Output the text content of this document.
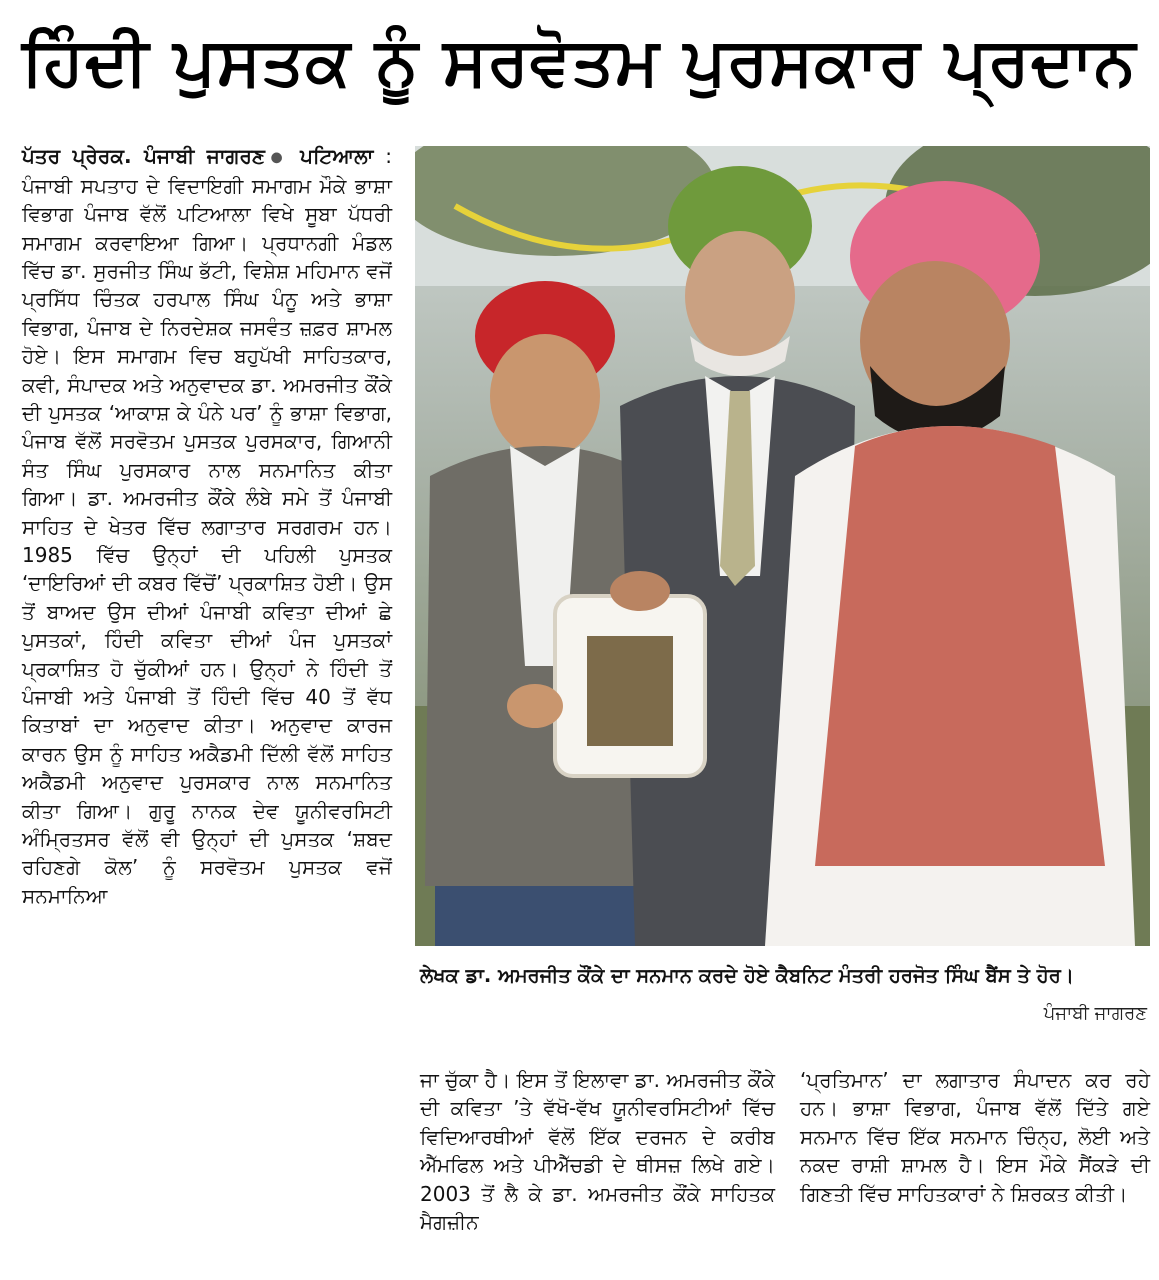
ਹਿੰਦੀ ਪੁਸਤਕ ਨੂੰ ਸਰਵੋਤਮ ਪੁਰਸਕਾਰ ਪ੍ਰਦਾਨ
ਪੱਤਰ ਪ੍ਰੇਰਕ. ਪੰਜਾਬੀ ਜਾਗਰਣ● ਪਟਿਆਲਾ : ਪੰਜਾਬੀ ਸਪਤਾਹ ਦੇ ਵਿਦਾਇਗੀ ਸਮਾਗਮ ਮੌਕੇ ਭਾਸ਼ਾ ਵਿਭਾਗ ਪੰਜਾਬ ਵੱਲੋਂ ਪਟਿਆਲਾ ਵਿਖੇ ਸੂਬਾ ਪੱਧਰੀ ਸਮਾਗਮ ਕਰਵਾਇਆ ਗਿਆ। ਪ੍ਰਧਾਨਗੀ ਮੰਡਲ ਵਿੱਚ ਡਾ. ਸੁਰਜੀਤ ਸਿੰਘ ਭੱਟੀ, ਵਿਸ਼ੇਸ਼ ਮਹਿਮਾਨ ਵਜੋਂ ਪ੍ਰਸਿੱਧ ਚਿੰਤਕ ਹਰਪਾਲ ਸਿੰਘ ਪੰਨੂ ਅਤੇ ਭਾਸ਼ਾ ਵਿਭਾਗ, ਪੰਜਾਬ ਦੇ ਨਿਰਦੇਸ਼ਕ ਜਸਵੰਤ ਜ਼ਫ਼ਰ ਸ਼ਾਮਲ ਹੋਏ। ਇਸ ਸਮਾਗਮ ਵਿਚ ਬਹੁਪੱਖੀ ਸਾਹਿਤਕਾਰ, ਕਵੀ, ਸੰਪਾਦਕ ਅਤੇ ਅਨੁਵਾਦਕ ਡਾ. ਅਮਰਜੀਤ ਕੌਂਕੇ ਦੀ ਪੁਸਤਕ ‘ਆਕਾਸ਼ ਕੇ ਪੰਨੇ ਪਰ’ ਨੂੰ ਭਾਸ਼ਾ ਵਿਭਾਗ, ਪੰਜਾਬ ਵੱਲੋਂ ਸਰਵੋਤਮ ਪੁਸਤਕ ਪੁਰਸਕਾਰ, ਗਿਆਨੀ ਸੰਤ ਸਿੰਘ ਪੁਰਸਕਾਰ ਨਾਲ ਸਨਮਾਨਿਤ ਕੀਤਾ ਗਿਆ। ਡਾ. ਅਮਰਜੀਤ ਕੌਂਕੇ ਲੰਬੇ ਸਮੇ ਤੋਂ ਪੰਜਾਬੀ ਸਾਹਿਤ ਦੇ ਖੇਤਰ ਵਿੱਚ ਲਗਾਤਾਰ ਸਰਗਰਮ ਹਨ। 1985 ਵਿੱਚ ਉਨ੍ਹਾਂ ਦੀ ਪਹਿਲੀ ਪੁਸਤਕ ‘ਦਾਇਰਿਆਂ ਦੀ ਕਬਰ ਵਿੱਚੋਂ’ ਪ੍ਰਕਾਸ਼ਿਤ ਹੋਈ। ਉਸ ਤੋਂ ਬਾਅਦ ਉਸ ਦੀਆਂ ਪੰਜਾਬੀ ਕਵਿਤਾ ਦੀਆਂ ਛੇ ਪੁਸਤਕਾਂ, ਹਿੰਦੀ ਕਵਿਤਾ ਦੀਆਂ ਪੰਜ ਪੁਸਤਕਾਂ ਪ੍ਰਕਾਸ਼ਿਤ ਹੋ ਚੁੱਕੀਆਂ ਹਨ। ਉਨ੍ਹਾਂ ਨੇ ਹਿੰਦੀ ਤੋਂ ਪੰਜਾਬੀ ਅਤੇ ਪੰਜਾਬੀ ਤੋਂ ਹਿੰਦੀ ਵਿੱਚ 40 ਤੋਂ ਵੱਧ ਕਿਤਾਬਾਂ ਦਾ ਅਨੁਵਾਦ ਕੀਤਾ। ਅਨੁਵਾਦ ਕਾਰਜ ਕਾਰਨ ਉਸ ਨੂੰ ਸਾਹਿਤ ਅਕੈਡਮੀ ਦਿੱਲੀ ਵੱਲੋਂ ਸਾਹਿਤ ਅਕੈਡਮੀ ਅਨੁਵਾਦ ਪੁਰਸਕਾਰ ਨਾਲ ਸਨਮਾਨਿਤ ਕੀਤਾ ਗਿਆ। ਗੁਰੂ ਨਾਨਕ ਦੇਵ ਯੂਨੀਵਰਸਿਟੀ ਅੰਮ੍ਰਿਤਸਰ ਵੱਲੋਂ ਵੀ ਉਨ੍ਹਾਂ ਦੀ ਪੁਸਤਕ ‘ਸ਼ਬਦ ਰਹਿਣਗੇ ਕੋਲ’ ਨੂੰ ਸਰਵੋਤਮ ਪੁਸਤਕ ਵਜੋਂ ਸਨਮਾਨਿਆ
ਲੇਖਕ ਡਾ. ਅਮਰਜੀਤ ਕੌਂਕੇ ਦਾ ਸਨਮਾਨ ਕਰਦੇ ਹੋਏ ਕੈਬਨਿਟ ਮੰਤਰੀ ਹਰਜੋਤ ਸਿੰਘ ਬੈਂਸ ਤੇ ਹੋਰ।
ਪੰਜਾਬੀ ਜਾਗਰਣ
ਜਾ ਚੁੱਕਾ ਹੈ। ਇਸ ਤੋਂ ਇਲਾਵਾ ਡਾ. ਅਮਰਜੀਤ ਕੌਂਕੇ ਦੀ ਕਵਿਤਾ ’ਤੇ ਵੱਖੋ-ਵੱਖ ਯੂਨੀਵਰਸਿਟੀਆਂ ਵਿੱਚ ਵਿਦਿਆਰਥੀਆਂ ਵੱਲੋਂ ਇੱਕ ਦਰਜਨ ਦੇ ਕਰੀਬ ਐੱਮਫਿਲ ਅਤੇ ਪੀਐੱਚਡੀ ਦੇ ਥੀਸਜ਼ ਲਿਖੇ ਗਏ। 2003 ਤੋਂ ਲੈ ਕੇ ਡਾ. ਅਮਰਜੀਤ ਕੌਂਕੇ ਸਾਹਿਤਕ ਮੈਗਜ਼ੀਨ
‘ਪ੍ਰਤਿਮਾਨ’ ਦਾ ਲਗਾਤਾਰ ਸੰਪਾਦਨ ਕਰ ਰਹੇ ਹਨ। ਭਾਸ਼ਾ ਵਿਭਾਗ, ਪੰਜਾਬ ਵੱਲੋਂ ਦਿੱਤੇ ਗਏ ਸਨਮਾਨ ਵਿੱਚ ਇੱਕ ਸਨਮਾਨ ਚਿੰਨ੍ਹ, ਲੋਈ ਅਤੇ ਨਕਦ ਰਾਸ਼ੀ ਸ਼ਾਮਲ ਹੈ। ਇਸ ਮੌਕੇ ਸੈਂਕੜੇ ਦੀ ਗਿਣਤੀ ਵਿੱਚ ਸਾਹਿਤਕਾਰਾਂ ਨੇ ਸ਼ਿਰਕਤ ਕੀਤੀ।
